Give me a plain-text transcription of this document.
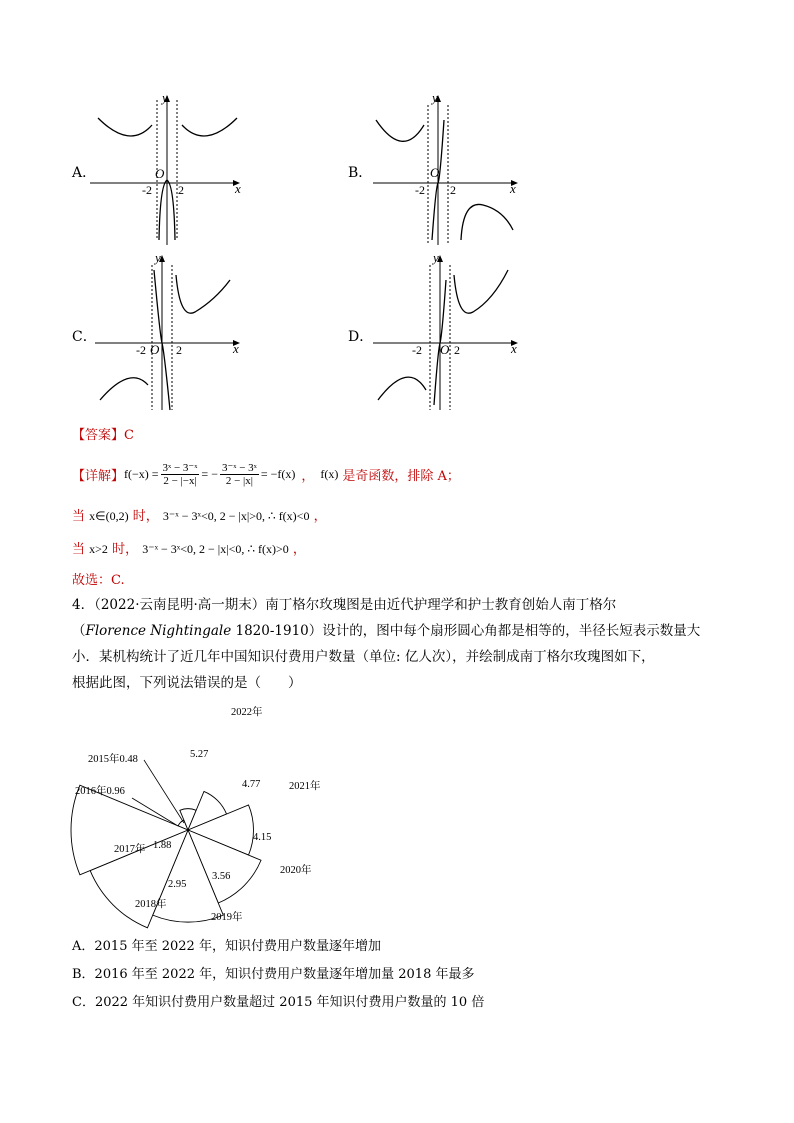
A．	B．
C．	D．
y
x
O
-2 2
y
x
O
-2 2
y
x
O
-2	2
y
x
O
-2	2
【答案】C
【详解】 $f(-x) = \frac{\text{3ˣ − 3⁻ˣ}}{2 - |-x|}$ = − $\frac{\text{3⁻ˣ − 3ˣ}}{2 - |x|} = -f(x)$ ， f(x) 是奇函数，排除 A；
当 x∈(0,2) 时， 3⁻ˣ − 3ˣ<0, 2 − |x|>0, ∴ f(x)<0 ，
当 x>2 时， 3⁻ˣ − 3ˣ<0, 2 − |x|<0, ∴ f(x)>0 ，
故选：C.
4．（2022·云南昆明·高一期末）南丁格尔玫瑰图是由近代护理学和护士教育创始人南丁格尔
（Florence Nightingale 1820-1910）设计的，图中每个扇形圆心角都是相等的，半径长短表示数量大
小．某机构统计了近几年中国知识付费用户数量（单位: 亿人次），并绘制成南丁格尔玫瑰图如下，
根据此图，下列说法错误的是（　　）
2022年
2021年
2020年
2019年
2018年
2017年
2015年0.48
2016年0.96
5.27
4.77
4.15
3.56
2.95
1.88
A．2015 年至 2022 年，知识付费用户数量逐年增加
B．2016 年至 2022 年，知识付费用户数量逐年增加量 2018 年最多
C．2022 年知识付费用户数量超过 2015 年知识付费用户数量的 10 倍
